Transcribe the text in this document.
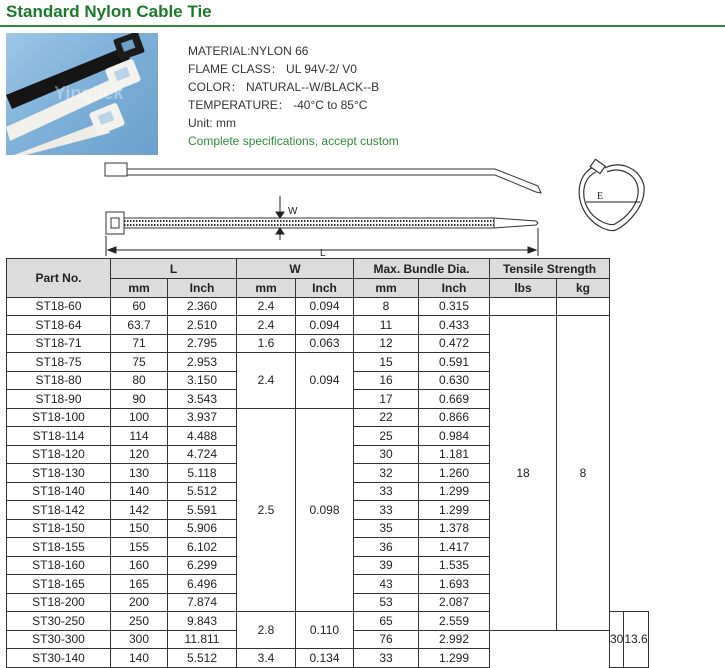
Standard Nylon Cable Tie
Yingbek
MATERIAL:NYLON 66
FLAME CLASS： UL 94V-2/ V0
COLOR： NATURAL--W/BLACK--B
TEMPERATURE： -40°C to 85°C
Unit: mm
Complete specifications, accept custom
W
L
E
Part No.	L		W		Max. Bundle Dia.		Tensile Strength			
	mm	Inch	mm	Inch	mm	Inch	lbs	kg		
ST18-60	60	2.360	2.4	0.094	8	0.315				
ST18-64	63.7	2.510	2.4	0.094	11	0.433	18	8		
ST18-71	71	2.795	1.6	0.063	12	0.472				
ST18-75	75	2.953	2.4	0.094	15	0.591				
ST18-80	80	3.150			16	0.630				
ST18-90	90	3.543			17	0.669				
ST18-100	100	3.937	2.5	0.098	22	0.866				
ST18-114	114	4.488			25	0.984				
ST18-120	120	4.724			30	1.181				
ST18-130	130	5.118			32	1.260				
ST18-140	140	5.512			33	1.299				
ST18-142	142	5.591			33	1.299				
ST18-150	150	5.906			35	1.378				
ST18-155	155	6.102			36	1.417				
ST18-160	160	6.299			39	1.535				
ST18-165	165	6.496			43	1.693				
ST18-200	200	7.874			53	2.087				
ST30-250	250	9.843	2.8	0.110	65	2.559			30	13.6
ST30-300	300	11.811			76	2.992				
ST30-140	140	5.512	3.4	0.134	33	1.299				
